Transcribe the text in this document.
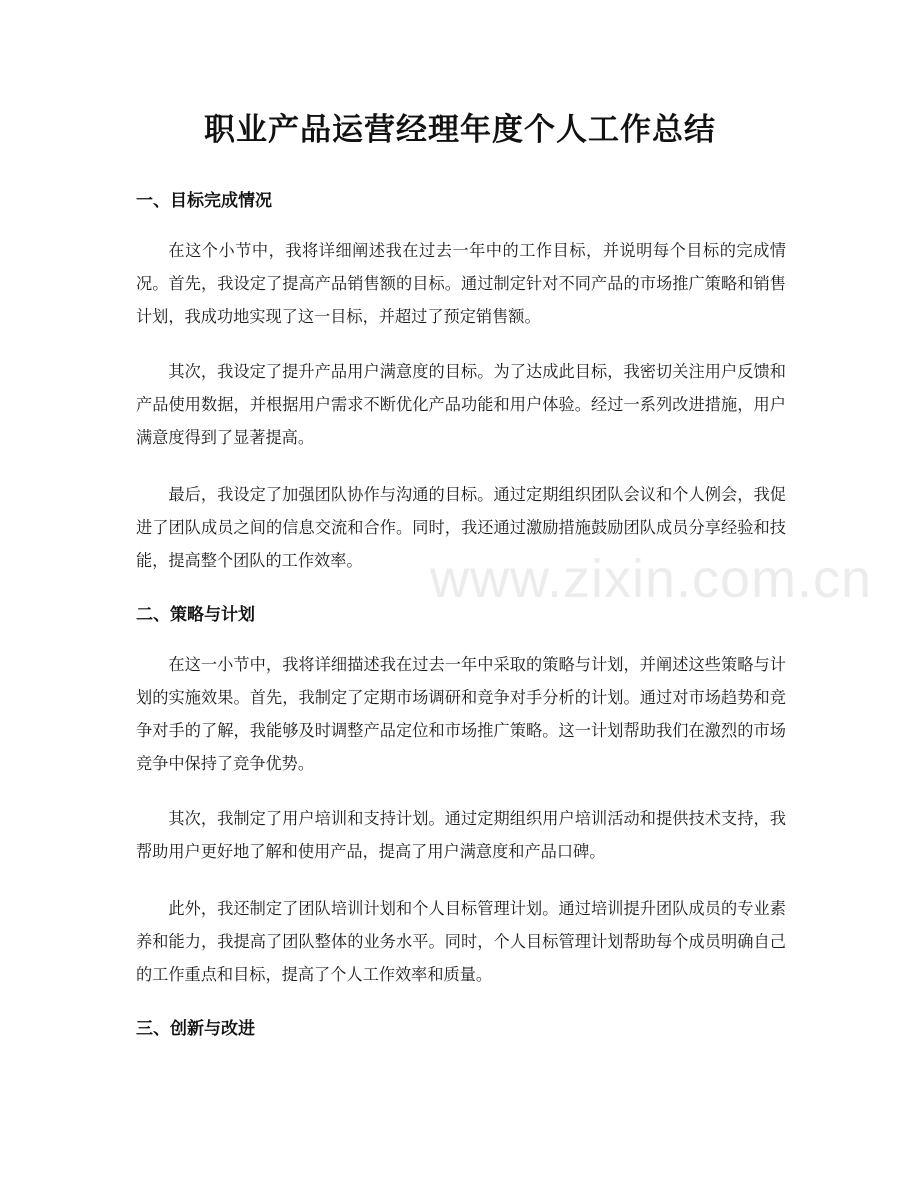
职业产品运营经理年度个人工作总结
一、目标完成情况

在这个小节中，我将详细阐述我在过去一年中的工作目标，并说明每个目标的完成情况。首先，我设定了提高产品销售额的目标。通过制定针对不同产品的市场推广策略和销售计划，我成功地实现了这一目标，并超过了预定销售额。

其次，我设定了提升产品用户满意度的目标。为了达成此目标，我密切关注用户反馈和产品使用数据，并根据用户需求不断优化产品功能和用户体验。经过一系列改进措施，用户满意度得到了显著提高。

最后，我设定了加强团队协作与沟通的目标。通过定期组织团队会议和个人例会，我促进了团队成员之间的信息交流和合作。同时，我还通过激励措施鼓励团队成员分享经验和技能，提高整个团队的工作效率。

二、策略与计划

在这一小节中，我将详细描述我在过去一年中采取的策略与计划，并阐述这些策略与计划的实施效果。首先，我制定了定期市场调研和竞争对手分析的计划。通过对市场趋势和竞争对手的了解，我能够及时调整产品定位和市场推广策略。这一计划帮助我们在激烈的市场竞争中保持了竞争优势。

其次，我制定了用户培训和支持计划。通过定期组织用户培训活动和提供技术支持，我帮助用户更好地了解和使用产品，提高了用户满意度和产品口碑。

此外，我还制定了团队培训计划和个人目标管理计划。通过培训提升团队成员的专业素养和能力，我提高了团队整体的业务水平。同时，个人目标管理计划帮助每个成员明确自己的工作重点和目标，提高了个人工作效率和质量。

三、创新与改进
www.zixin.com.cn
